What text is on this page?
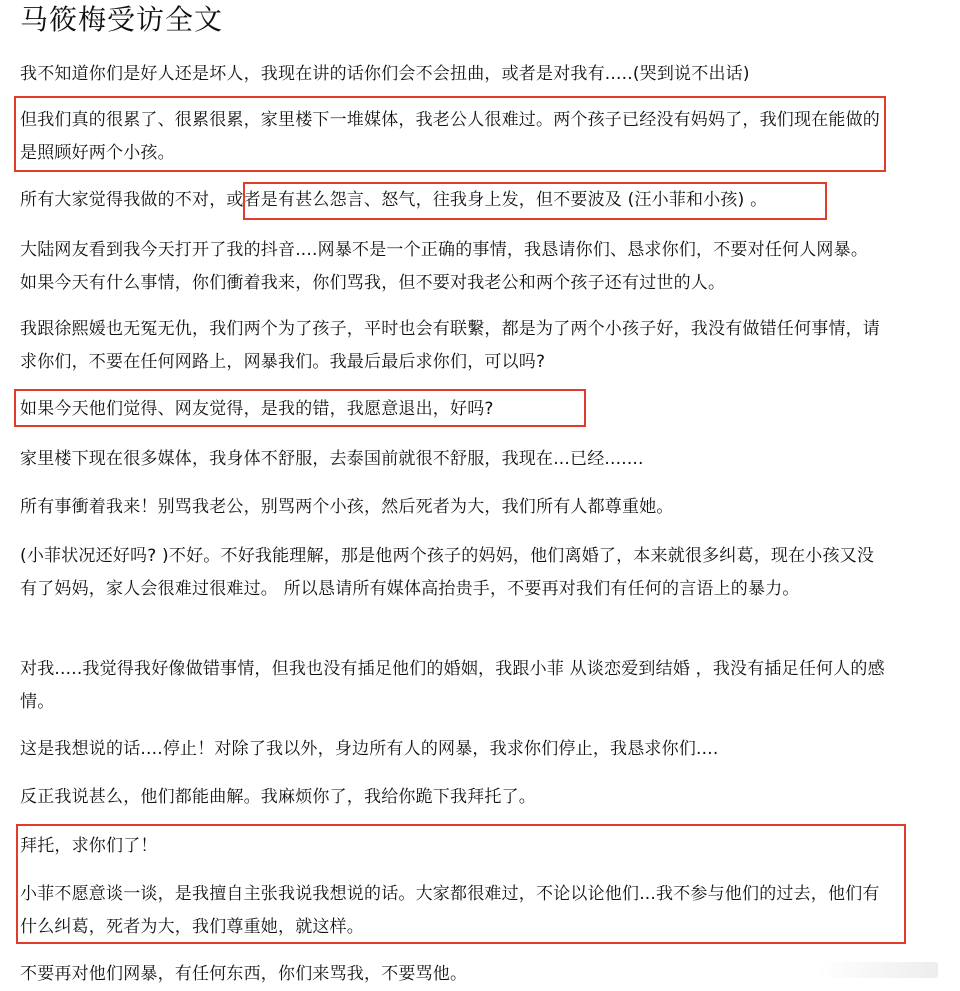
马筱梅受访全文
我不知道你们是好人还是坏人，我现在讲的话你们会不会扭曲，或者是对我有.....(哭到说不出话)
但我们真的很累了、很累很累，家里楼下一堆媒体，我老公人很难过。两个孩子已经没有妈妈了，我们现在能做的是照顾好两个小孩。
所有大家觉得我做的不对，或者是有甚么怨言、怒气，往我身上发，但不要波及 (汪小菲和小孩) 。
大陆网友看到我今天打开了我的抖音....网暴不是一个正确的事情，我恳请你们、恳求你们，不要对任何人网暴。如果今天有什么事情，你们衝着我来，你们骂我，但不要对我老公和两个孩子还有过世的人。
我跟徐熙媛也无冤无仇，我们两个为了孩子，平时也会有联繫，都是为了两个小孩子好，我没有做错任何事情，请求你们，不要在任何网路上，网暴我们。我最后最后求你们，可以吗?
如果今天他们觉得、网友觉得，是我的错，我愿意退出，好吗?
家里楼下现在很多媒体，我身体不舒服，去泰国前就很不舒服，我现在...已经.......
所有事衝着我来！别骂我老公，别骂两个小孩，然后死者为大，我们所有人都尊重她。
(小菲状况还好吗? )不好。不好我能理解，那是他两个孩子的妈妈，他们离婚了，本来就很多纠葛，现在小孩又没有了妈妈，家人会很难过很难过。 所以恳请所有媒体高抬贵手，不要再对我们有任何的言语上的暴力。
对我.....我觉得我好像做错事情，但我也没有插足他们的婚姻，我跟小菲 从谈恋爱到结婚 ，我没有插足任何人的感情。
这是我想说的话....停止！对除了我以外，身边所有人的网暴，我求你们停止，我恳求你们....
反正我说甚么，他们都能曲解。我麻烦你了，我给你跪下我拜托了。
拜托，求你们了！
小菲不愿意谈一谈，是我擅自主张我说我想说的话。大家都很难过，不论以论他们...我不参与他们的过去，他们有什么纠葛，死者为大，我们尊重她，就这样。
不要再对他们网暴，有任何东西，你们来骂我，不要骂他。
